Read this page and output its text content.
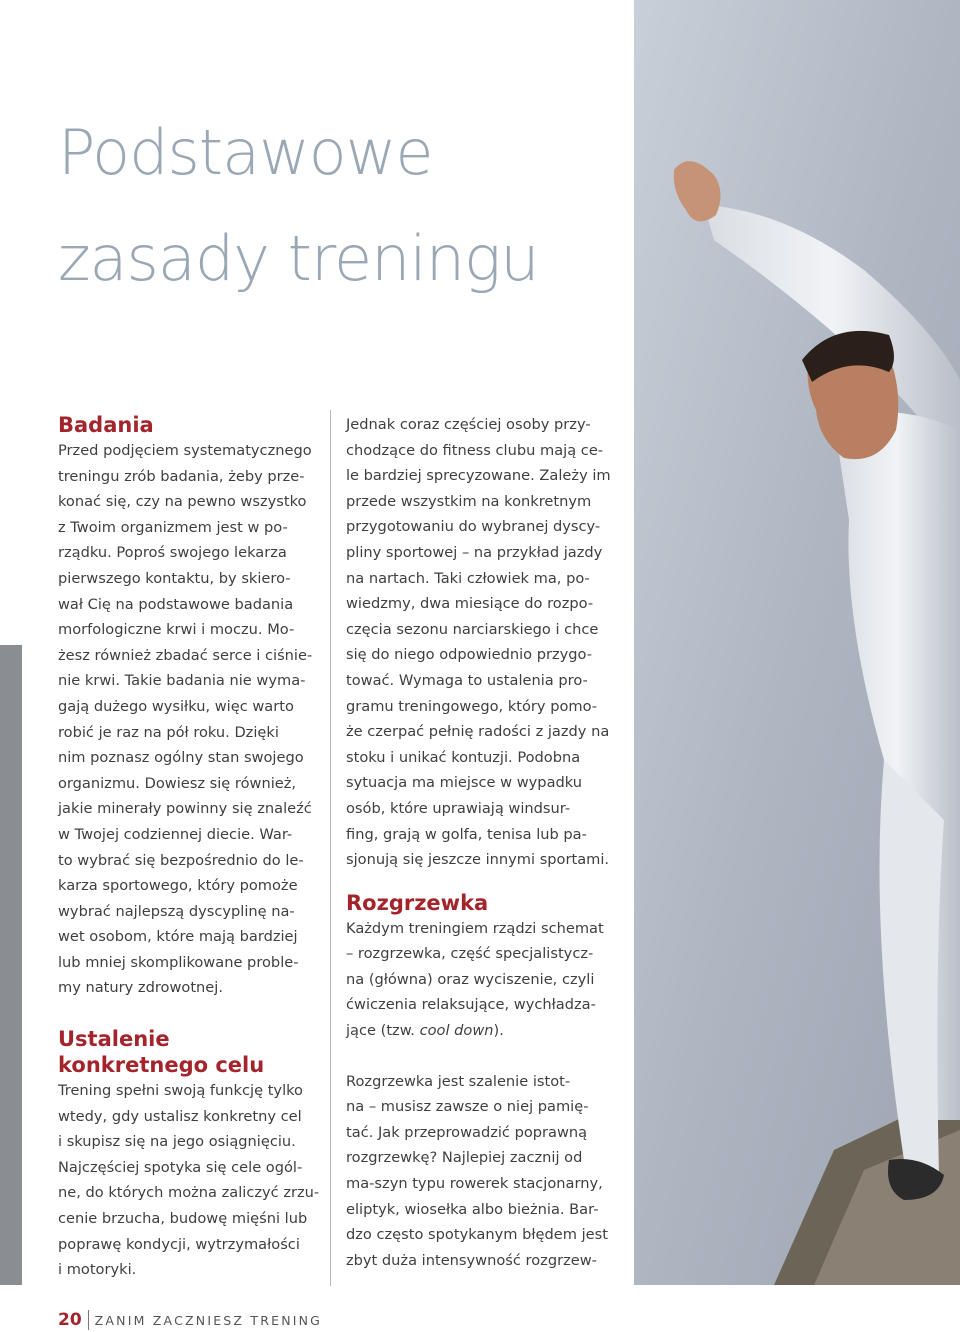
Podstawowe
zasady treningu
Badania

Przed podjęciem systematycznego
treningu zrób badania, żeby prze-
konać się, czy na pewno wszystko
z Twoim organizmem jest w po-
rządku. Poproś swojego lekarza
pierwszego kontaktu, by skiero-
wał Cię na podstawowe badania
morfologiczne krwi i moczu. Mo-
żesz również zbadać serce i ciśnie-
nie krwi. Takie badania nie wyma-
gają dużego wysiłku, więc warto
robić je raz na pół roku. Dzięki
nim poznasz ogólny stan swojego
organizmu. Dowiesz się również,
jakie minerały powinny się znaleźć
w Twojej codziennej diecie. War-
to wybrać się bezpośrednio do le-
karza sportowego, który pomoże
wybrać najlepszą dyscyplinę na-
wet osobom, które mają bardziej
lub mniej skomplikowane proble-
my natury zdrowotnej.

Ustalenie
konkretnego celu

Trening spełni swoją funkcję tylko
wtedy, gdy ustalisz konkretny cel
i skupisz się na jego osiągnięciu.
Najczęściej spotyka się cele ogól-
ne, do których można zaliczyć zrzu-
cenie brzucha, budowę mięśni lub
poprawę kondycji, wytrzymałości
i motoryki.

Jednak coraz częściej osoby przy-
chodzące do fitness clubu mają ce-
le bardziej sprecyzowane. Zależy im
przede wszystkim na konkretnym
przygotowaniu do wybranej dyscy-
pliny sportowej – na przykład jazdy
na nartach. Taki człowiek ma, po-
wiedzmy, dwa miesiące do rozpo-
częcia sezonu narciarskiego i chce
się do niego odpowiednio przygo-
tować. Wymaga to ustalenia pro-
gramu treningowego, który pomo-
że czerpać pełnię radości z jazdy na
stoku i unikać kontuzji. Podobna
sytuacja ma miejsce w wypadku
osób, które uprawiają windsur-
fing, grają w golfa, tenisa lub pa-
sjonują się jeszcze innymi sportami.

Rozgrzewka

Każdym treningiem rządzi schemat
– rozgrzewka, część specjalistycz-
na (główna) oraz wyciszenie, czyli
ćwiczenia relaksujące, wychładza-
jące (tzw. cool down).

Rozgrzewka jest szalenie istot-
na – musisz zawsze o niej pamię-
tać. Jak przeprowadzić poprawną
rozgrzewkę? Najlepiej zacznij od
ma-szyn typu rowerek stacjonarny,
eliptyk, wiosełka albo bieżnia. Bar-
dzo często spotykanym błędem jest
zbyt duża intensywność rozgrzew-

20 ZANIM ZACZNIESZ TRENING
